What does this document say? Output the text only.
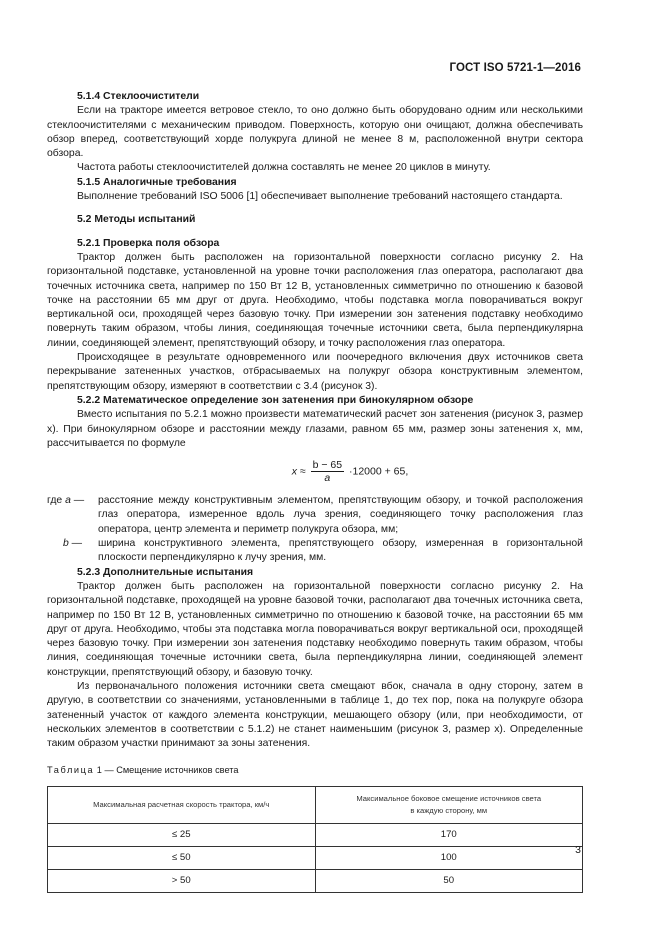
ГОСТ ISO 5721-1—2016

5.1.4 Стеклоочистители

Если на тракторе имеется ветровое стекло, то оно должно быть оборудовано одним или несколькими стеклоочистителями с механическим приводом. Поверхность, которую они очищают, должна обеспечивать обзор вперед, соответствующий хорде полукруга длиной не менее 8 м, расположенной внутри сектора обзора.

Частота работы стеклоочистителей должна составлять не менее 20 циклов в минуту.

5.1.5 Аналогичные требования

Выполнение требований ISO 5006 [1] обеспечивает выполнение требований настоящего стандарта.

5.2 Методы испытаний

5.2.1 Проверка поля обзора

Трактор должен быть расположен на горизонтальной поверхности согласно рисунку 2. На горизонтальной подставке, установленной на уровне точки расположения глаз оператора, располагают два точечных источника света, например по 150 Вт 12 В, установленных симметрично по отношению к базовой точке на расстоянии 65 мм друг от друга. Необходимо, чтобы подставка могла поворачиваться вокруг вертикальной оси, проходящей через базовую точку. При измерении зон затенения подставку необходимо повернуть таким образом, чтобы линия, соединяющая точечные источники света, была перпендикулярна линии, соединяющей элемент, препятствующий обзору, и точку расположения глаз оператора.

Происходящее в результате одновременного или поочередного включения двух источников света перекрывание затененных участков, отбрасываемых на полукруг обзора конструктивным элементом, препятствующим обзору, измеряют в соответствии с 3.4 (рисунок 3).

5.2.2 Математическое определение зон затенения при бинокулярном обзоре

Вместо испытания по 5.2.1 можно произвести математический расчет зон затенения (рисунок 3, размер x). При бинокулярном обзоре и расстоянии между глазами, равном 65 мм, размер зоны затенения x, мм, рассчитывается по формуле

$x \approx \frac{b - 65}{a} \cdot 12000 + 65$,

где a — расстояние между конструктивным элементом, препятствующим обзору, и точкой расположения глаз оператора, измеренное вдоль луча зрения, соединяющего точку расположения глаз оператора, центр элемента и периметр полукруга обзора, мм;

b — ширина конструктивного элемента, препятствующего обзору, измеренная в горизонтальной плоскости перпендикулярно к лучу зрения, мм.

5.2.3 Дополнительные испытания

Трактор должен быть расположен на горизонтальной поверхности согласно рисунку 2. На горизонтальной подставке, проходящей на уровне базовой точки, располагают два точечных источника света, например по 150 Вт 12 В, установленных симметрично по отношению к базовой точке, на расстоянии 65 мм друг от друга. Необходимо, чтобы эта подставка могла поворачиваться вокруг вертикальной оси, проходящей через базовую точку. При измерении зон затенения подставку необходимо повернуть таким образом, чтобы линия, соединяющая точечные источники света, была перпендикулярна линии, соединяющей элемент конструкции, препятствующий обзору, и базовую точку.

Из первоначального положения источники света смещают вбок, сначала в одну сторону, затем в другую, в соответствии со значениями, установленными в таблице 1, до тех пор, пока на полукруге обзора затененный участок от каждого элемента конструкции, мешающего обзору (или, при необходимости, от нескольких элементов в соответствии с 5.1.2) не станет наименьшим (рисунок 3, размер x). Определенные таким образом участки принимают за зоны затенения.

Таблица 1 — Смещение источников света

Максимальная расчетная скорость трактора, км/ч	Максимальное боковое смещение источников света
в каждую сторону, мм
≤ 25	170
≤ 50	100
> 50	50
3
